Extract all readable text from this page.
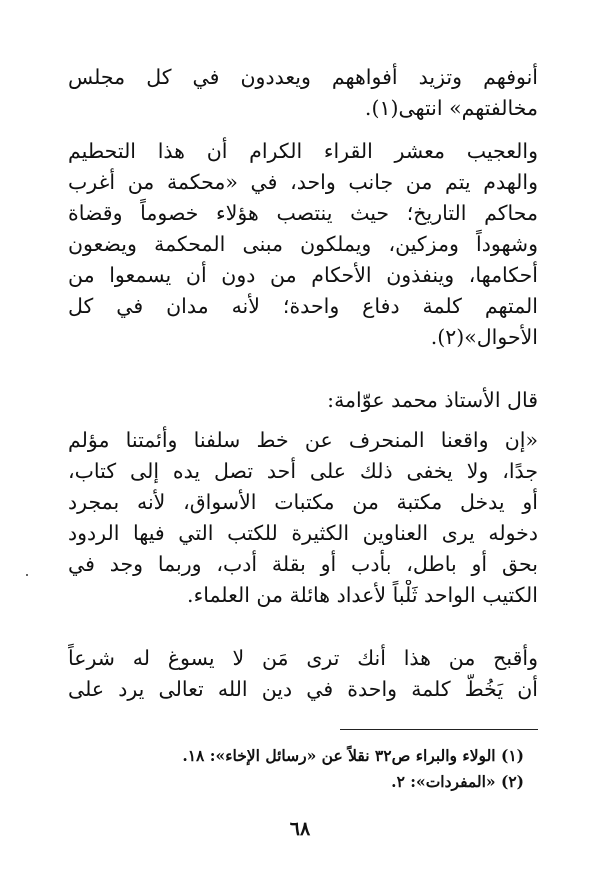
أنوفهم وتزيد أفواههم ويعددون في كل مجلس
مخالفتهم» انتهى(١).
والعجيب معشر القراء الكرام أن هذا التحطيم
والهدم يتم من جانب واحد، في «محكمة من أغرب
محاكم التاريخ؛ حيث ينتصب هؤلاء خصوماً وقضاة
وشهوداً ومزكين، ويملكون مبنى المحكمة ويضعون
أحكامها، وينفذون الأحكام من دون أن يسمعوا من
المتهم كلمة دفاع واحدة؛ لأنه مدان في كل
الأحوال»(٢).
قال الأستاذ محمد عوّامة:
«إن واقعنا المنحرف عن خط سلفنا وأئمتنا مؤلم
جدًا، ولا يخفى ذلك على أحد تصل يده إلى كتاب،
أو يدخل مكتبة من مكتبات الأسواق، لأنه بمجرد
دخوله يرى العناوين الكثيرة للكتب التي فيها الردود
بحق أو باطل، بأدب أو بقلة أدب، وربما وجد في
الكتيب الواحد ثَلْباً لأعداد هائلة من العلماء.
وأقبح من هذا أنك ترى مَن لا يسوغ له شرعاً
أن يَخُطَّ كلمة واحدة في دين الله تعالى يرد على
(١) الولاء والبراء ص٣٢ نقلاً عن «رسائل الإخاء»: ١٨.
(٢) «المفردات»: ٢.
٦٨
